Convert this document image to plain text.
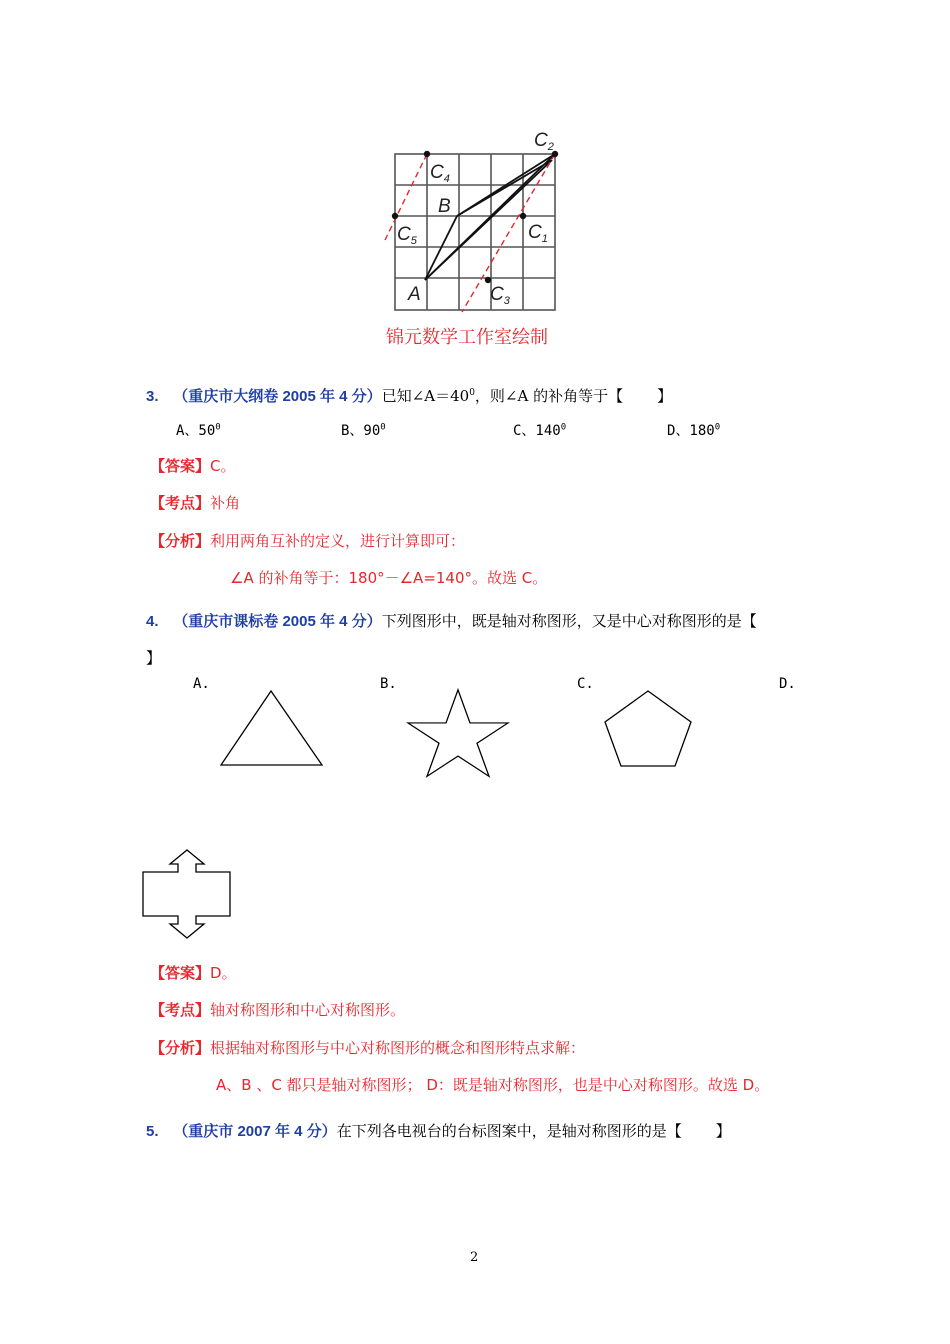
$C_2$
$C_4$
B
$C_5$	$C_1$
A	$C_3$
锦元数学工作室绘制
3. （重庆市大纲卷 2005 年 4 分）已知$\angle A=40^0$，则∠A 的补角等于【 】
A、$50^0$	B、$90^0$	C、$140^0$	D、$180^0$
【答案】C。
【考点】补角
【分析】利用两角互补的定义，进行计算即可：
∠A 的补角等于：180°－∠A=140°。故选 C。
4. （重庆市课标卷 2005 年 4 分）下列图形中，既是轴对称图形，又是中心对称图形的是【
】
A.	B.	C.	D.
【答案】D。
【考点】轴对称图形和中心对称图形。
【分析】根据轴对称图形与中心对称图形的概念和图形特点求解：
A、B 、C 都只是轴对称图形； D：既是轴对称图形，也是中心对称图形。故选 D。
5. （重庆市 2007 年 4 分）在下列各电视台的台标图案中，是轴对称图形的是【 】
2
